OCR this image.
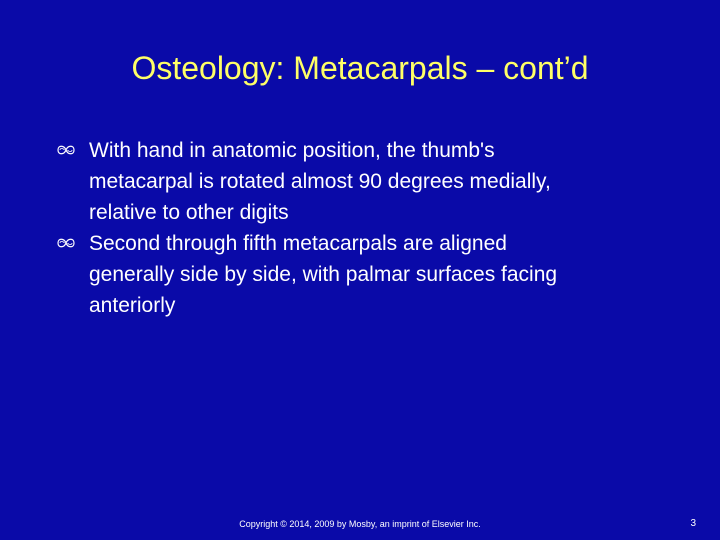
Osteology: Metacarpals – cont’d
With hand in anatomic position, the thumb's
metacarpal is rotated almost 90 degrees medially,
relative to other digits
Second through fifth metacarpals are aligned
generally side by side, with palmar surfaces facing
anteriorly
Copyright © 2014, 2009 by Mosby, an imprint of Elsevier Inc.	3
